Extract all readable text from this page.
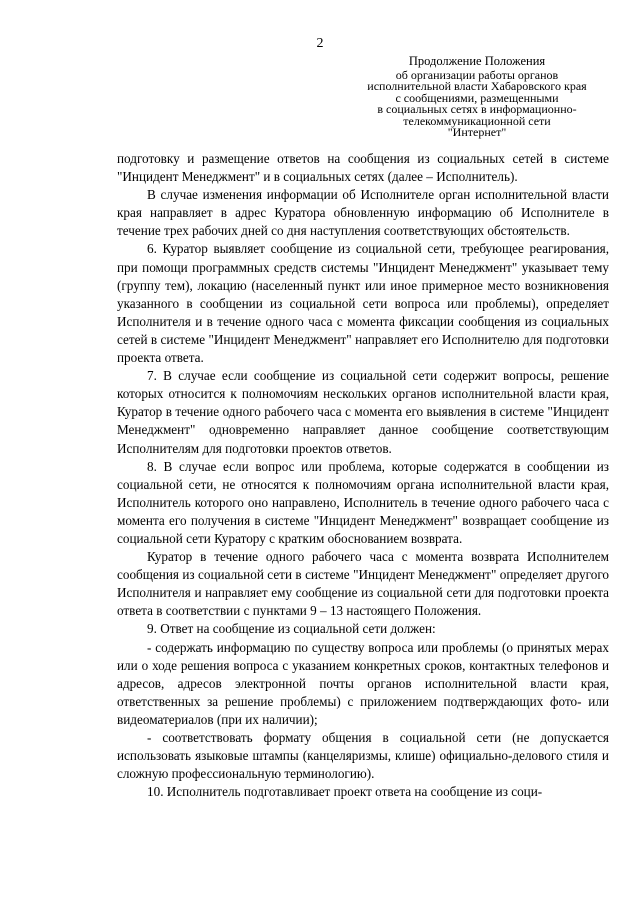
2
Продолжение Положения
об организации работы органов
исполнительной власти Хабаровского края
с сообщениями, размещенными
в социальных сетях в информационно-
телекоммуникационной сети
"Интернет"

подготовку и размещение ответов на сообщения из социальных сетей в системе "Инцидент Менеджмент" и в социальных сетях (далее – Исполнитель).

В случае изменения информации об Исполнителе орган исполнительной власти края направляет в адрес Куратора обновленную информацию об Исполнителе в течение трех рабочих дней со дня наступления соответствующих обстоятельств.

6. Куратор выявляет сообщение из социальной сети, требующее реагирования, при помощи программных средств системы "Инцидент Менеджмент" указывает тему (группу тем), локацию (населенный пункт или иное примерное место возникновения указанного в сообщении из социальной сети вопроса или проблемы), определяет Исполнителя и в течение одного часа с момента фиксации сообщения из социальных сетей в системе "Инцидент Менеджмент" направляет его Исполнителю для подготовки проекта ответа.

7. В случае если сообщение из социальной сети содержит вопросы, решение которых относится к полномочиям нескольких органов исполнительной власти края, Куратор в течение одного рабочего часа с момента его выявления в системе "Инцидент Менеджмент" одновременно направляет данное сообщение соответствующим Исполнителям для подготовки проектов ответов.

8. В случае если вопрос или проблема, которые содержатся в сообщении из социальной сети, не относятся к полномочиям органа исполнительной власти края, Исполнитель которого оно направлено, Исполнитель в течение одного рабочего часа с момента его получения в системе "Инцидент Менеджмент" возвращает сообщение из социальной сети Куратору с кратким обоснованием возврата.

Куратор в течение одного рабочего часа с момента возврата Исполнителем сообщения из социальной сети в системе "Инцидент Менеджмент" определяет другого Исполнителя и направляет ему сообщение из социальной сети для подготовки проекта ответа в соответствии с пунктами 9 – 13 настоящего Положения.

9. Ответ на сообщение из социальной сети должен:

- содержать информацию по существу вопроса или проблемы (о принятых мерах или о ходе решения вопроса с указанием конкретных сроков, контактных телефонов и адресов, адресов электронной почты органов исполнительной власти края, ответственных за решение проблемы) с приложением подтверждающих фото- или видеоматериалов (при их наличии);

- соответствовать формату общения в социальной сети (не допускается использовать языковые штампы (канцеляризмы, клише) официально-делового стиля и сложную профессиональную терминологию).

10. Исполнитель подготавливает проект ответа на сообщение из соци-
